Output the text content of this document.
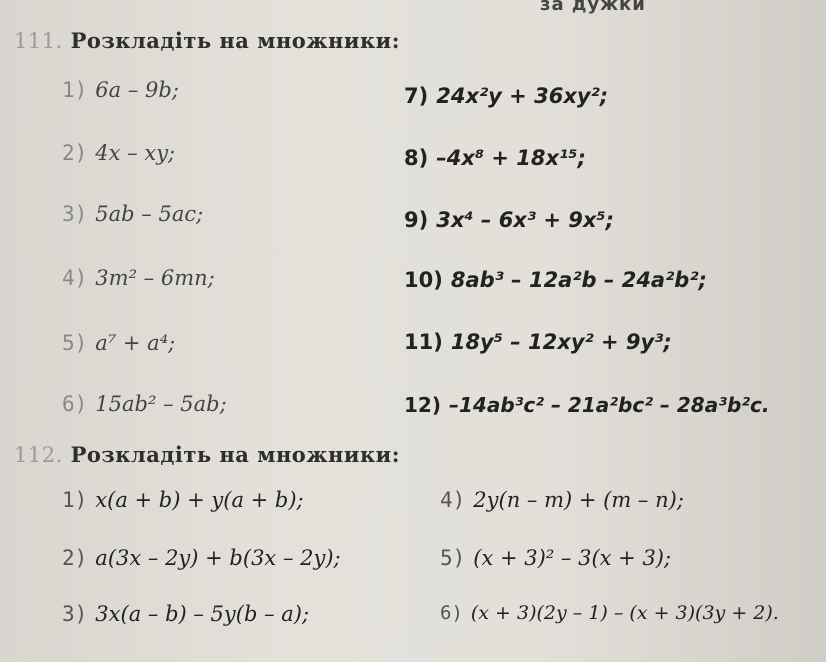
за дужки
111. Розкладіть на множники:
1) 6a – 9b;
2) 4x – xy;
3) 5ab – 5ac;
4) 3m² – 6mn;
5) a⁷ + a⁴;
6) 15ab² – 5ab;
7) 24x²y + 36xy²;
8) –4x⁸ + 18x¹⁵;
9) 3x⁴ – 6x³ + 9x⁵;
10) 8ab³ – 12a²b – 24a²b²;
11) 18y⁵ – 12xy² + 9y³;
12) –14ab³c² – 21a²bc² – 28a³b²c.
112. Розкладіть на множники:
1) x(a + b) + y(a + b);
2) a(3x – 2y) + b(3x – 2y);
3) 3x(a – b) – 5y(b – a);
4) 2y(n – m) + (m – n);
5) (x + 3)² – 3(x + 3);
6) (x + 3)(2y – 1) – (x + 3)(3y + 2).
